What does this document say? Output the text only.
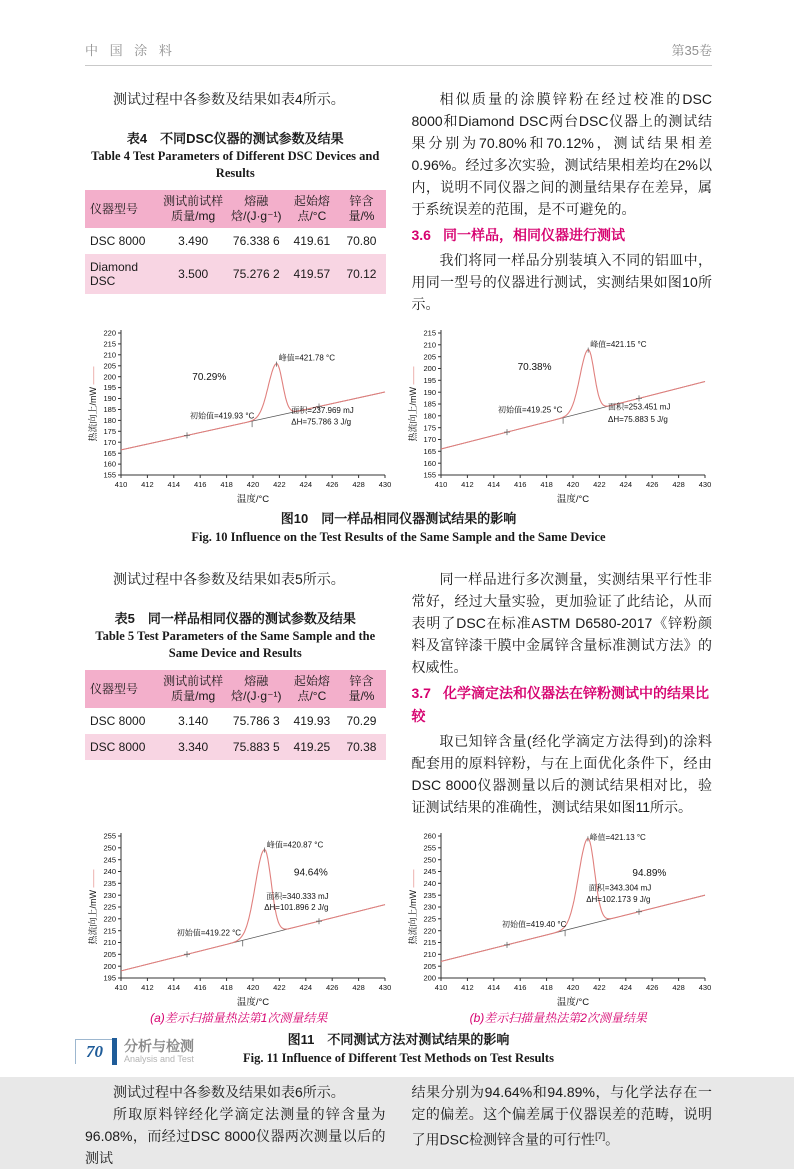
中 国 涂 料	第35卷

测试过程中各参数及结果如表4所示。

表4　不同DSC仪器的测试参数及结果
Table 4 Test Parameters of Different DSC Devices and
Results
仪器型号	测试前试样质量/mg	熔融焓/(J·g⁻¹)	起始熔点/°C	锌含量/%
DSC 8000	3.490	76.338 6	419.61	70.80
Diamond DSC	3.500	75.276 2	419.57	70.12

相似质量的涂膜锌粉在经过校准的DSC 8000和Diamond DSC两台DSC仪器上的测试结果分别为70.80%和70.12%，测试结果相差0.96%。经过多次实验，测试结果相差均在2%以内，说明不同仪器之间的测量结果存在差异，属于系统误差的范围，是不可避免的。

3.6 同一样品，相同仪器进行测试

我们将同一样品分别装填入不同的铝皿中，用同一型号的仪器进行测试，实测结果如图10所示。

155
160
165
170
175
180
185
190
195
200
205
210
215
220
410 412 414 416 418 420 422 424 426 428 430
70.29%
峰值=421.78 °C
初始值=419.93 °C
面积=237.969 mJ
ΔH=75.786 3 J/g
温度/°C
热流向上/mW ——
155
160
165
170
175
180
185
190
195
200
205
210
215
410 412 414 416 418 420 422 424 426 428 430
70.38%
峰值=421.15 °C
初始值=419.25 °C	面积=253.451 mJ
ΔH=75.883 5 J/g
温度/°C
热流向上/mW ——
图10　同一样品相同仪器测试结果的影响
Fig. 10 Influence on the Test Results of the Same Sample and the Same Device

测试过程中各参数及结果如表5所示。

表5　同一样品相同仪器的测试参数及结果
Table 5 Test Parameters of the Same Sample and the
Same Device and Results
仪器型号	测试前试样质量/mg	熔融焓/(J·g⁻¹)	起始熔点/°C	锌含量/%
DSC 8000	3.140	75.786 3	419.93	70.29
DSC 8000	3.340	75.883 5	419.25	70.38

同一样品进行多次测量，实测结果平行性非常好，经过大量实验，更加验证了此结论，从而表明了DSC在标准ASTM D6580-2017《锌粉颜料及富锌漆干膜中金属锌含量标准测试方法》的权威性。

3.7 化学滴定法和仪器法在锌粉测试中的结果比较

取已知锌含量(经化学滴定方法得到)的涂料配套用的原料锌粉，与在上面优化条件下，经由DSC 8000仪器测量以后的测试结果相对比，验证测试结果的准确性，测试结果如图11所示。

195
200
205
210
215
220
225
230
235
240
245
250
255
410 412 414 416 418 420 422 424 426 428 430
峰值=420.87 °C
94.64%
面积=340.333 mJ
ΔH=101.896 2 J/g
初始值=419.22 °C
温度/°C
热流向上/mW ——
200
205
210
215
220
225
230
235
240
245
250
255
260
410 412 414 416 418 420 422 424 426 428 430
峰值=421.13 °C
94.89%
面积=343.304 mJ
ΔH=102.173 9 J/g
初始值=419.40 °C
温度/°C
热流向上/mW ——
(a)差示扫描量热法第1次测量结果	(b)差示扫描量热法第2次测量结果
图11　不同测试方法对测试结果的影响
Fig. 11 Influence of Different Test Methods on Test Results

测试过程中各参数及结果如表6所示。

所取原料锌经化学滴定法测量的锌含量为96.08%，而经过DSC 8000仪器两次测量以后的测试

结果分别为94.64%和94.89%，与化学法存在一定的偏差。这个偏差属于仪器误差的范畴，说明了用DSC检测锌含量的可行性[7]。

70	分析与检测
Analysis and Test
